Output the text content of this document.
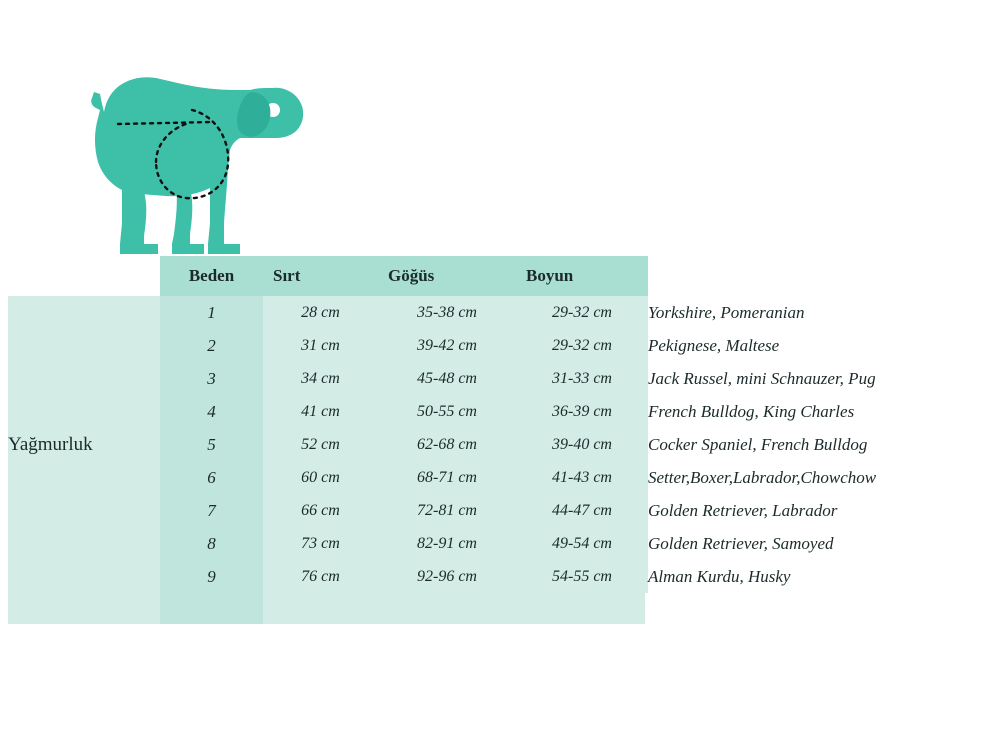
	Beden	Sırt	Göğüs	Boyun	
Yağmurluk	1	28 cm	35-38 cm	29-32 cm	Yorkshire, Pomeranian
	2	31 cm	39-42 cm	29-32 cm	Pekignese, Maltese
	3	34 cm	45-48 cm	31-33 cm	Jack Russel, mini Schnauzer, Pug
	4	41 cm	50-55 cm	36-39 cm	French Bulldog, King Charles
	5	52 cm	62-68 cm	39-40 cm	Cocker Spaniel, French Bulldog
	6	60 cm	68-71 cm	41-43 cm	Setter,Boxer,Labrador,Chowchow
	7	66 cm	72-81 cm	44-47 cm	Golden Retriever, Labrador
	8	73 cm	82-91 cm	49-54 cm	Golden Retriever, Samoyed
	9	76 cm	92-96 cm	54-55 cm	Alman Kurdu, Husky
